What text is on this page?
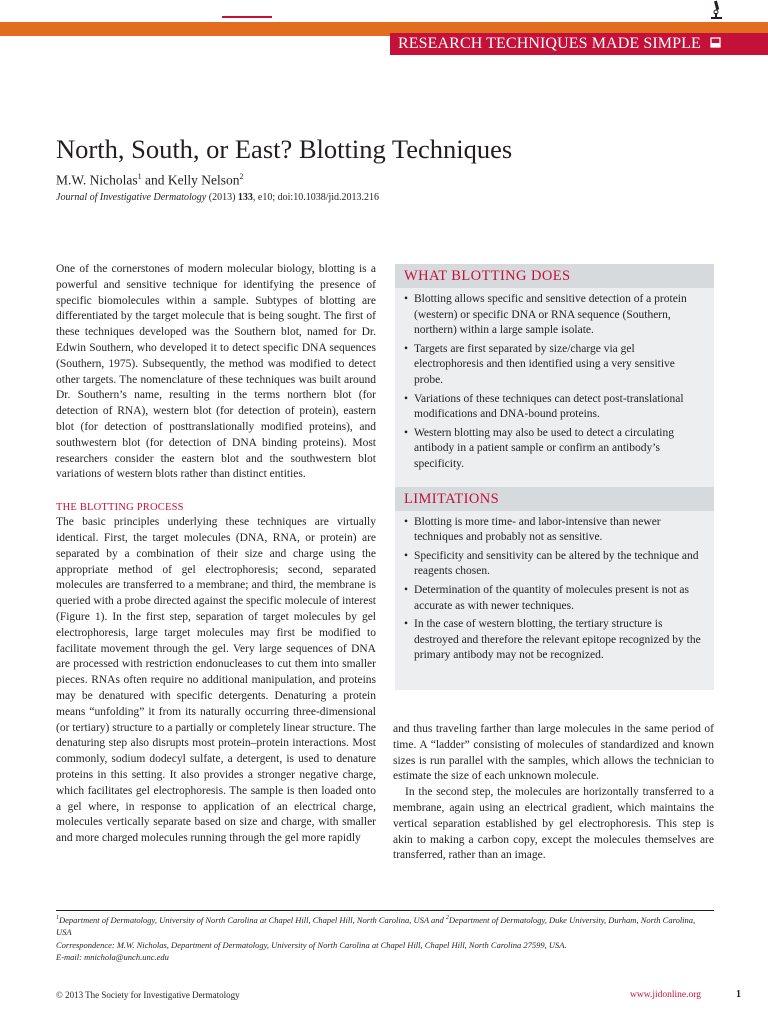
RESEARCH TECHNIQUES MADE SIMPLE
North, South, or East? Blotting Techniques
M.W. Nicholas$^1$ and Kelly Nelson$^2$
Journal of Investigative Dermatology (2013) 133, e10; doi:10.1038/jid.2013.216

One of the cornerstones of modern molecular biology, blotting is a powerful and sensitive technique for identifying the presence of specific biomolecules within a sample. Subtypes of blotting are differentiated by the target molecule that is being sought. The first of these techniques developed was the Southern blot, named for Dr. Edwin Southern, who developed it to detect specific DNA sequences (Southern, 1975). Subsequently, the method was modified to detect other targets. The nomenclature of these techniques was built around Dr. Southern’s name, resulting in the terms northern blot (for detection of RNA), western blot (for detection of protein), eastern blot (for detection of posttranslationally modified proteins), and southwestern blot (for detection of DNA binding proteins). Most researchers consider the eastern blot and the southwestern blot variations of western blots rather than distinct entities.

THE BLOTTING PROCESS

The basic principles underlying these techniques are virtually identical. First, the target molecules (DNA, RNA, or protein) are separated by a combination of their size and charge using the appropriate method of gel electrophoresis; second, separated molecules are transferred to a membrane; and third, the membrane is queried with a probe directed against the specific molecule of interest (Figure 1). In the first step, separation of target molecules by gel electrophoresis, large target molecules may first be modified to facilitate movement through the gel. Very large sequences of DNA are processed with restriction endonucleases to cut them into smaller pieces. RNAs often require no additional manipulation, and proteins may be denatured with specific detergents. Denaturing a protein means “unfolding” it from its naturally occurring three-dimensional (or tertiary) structure to a partially or completely linear structure. The denaturing step also disrupts most protein–protein interactions. Most commonly, sodium dodecyl sulfate, a detergent, is used to denature proteins in this setting. It also provides a stronger negative charge, which facilitates gel electrophoresis. The sample is then loaded onto a gel where, in response to application of an electrical charge, molecules vertically separate based on size and charge, with smaller and more charged molecules running through the gel more rapidly

WHAT BLOTTING DOES
• Blotting allows specific and sensitive detection of a protein (western) or specific DNA or RNA sequence (Southern, northern) within a large sample isolate.
• Targets are first separated by size/charge via gel electrophoresis and then identified using a very sensitive probe.
• Variations of these techniques can detect post-translational modifications and DNA-bound proteins.
• Western blotting may also be used to detect a circulating antibody in a patient sample or confirm an antibody’s specificity.
LIMITATIONS
• Blotting is more time- and labor-intensive than newer techniques and probably not as sensitive.
• Specificity and sensitivity can be altered by the technique and reagents chosen.
• Determination of the quantity of molecules present is not as accurate as with newer techniques.
• In the case of western blotting, the tertiary structure is destroyed and therefore the relevant epitope recognized by the primary antibody may not be recognized.

and thus traveling farther than large molecules in the same period of time. A “ladder” consisting of molecules of standardized and known sizes is run parallel with the samples, which allows the technician to estimate the size of each unknown molecule.

In the second step, the molecules are horizontally transferred to a membrane, again using an electrical gradient, which maintains the vertical separation established by gel electrophoresis. This step is akin to making a carbon copy, except the molecules themselves are transferred, rather than an image.

$^1$Department of Dermatology, University of North Carolina at Chapel Hill, Chapel Hill, North Carolina, USA and $^2$Department of Dermatology, Duke University, Durham, North Carolina, USA

Correspondence: M.W. Nicholas, Department of Dermatology, University of North Carolina at Chapel Hill, Chapel Hill, North Carolina 27599, USA.

E-mail: mnichola@unch.unc.edu

© 2013 The Society for Investigative Dermatology	www.jidonline.org	1
